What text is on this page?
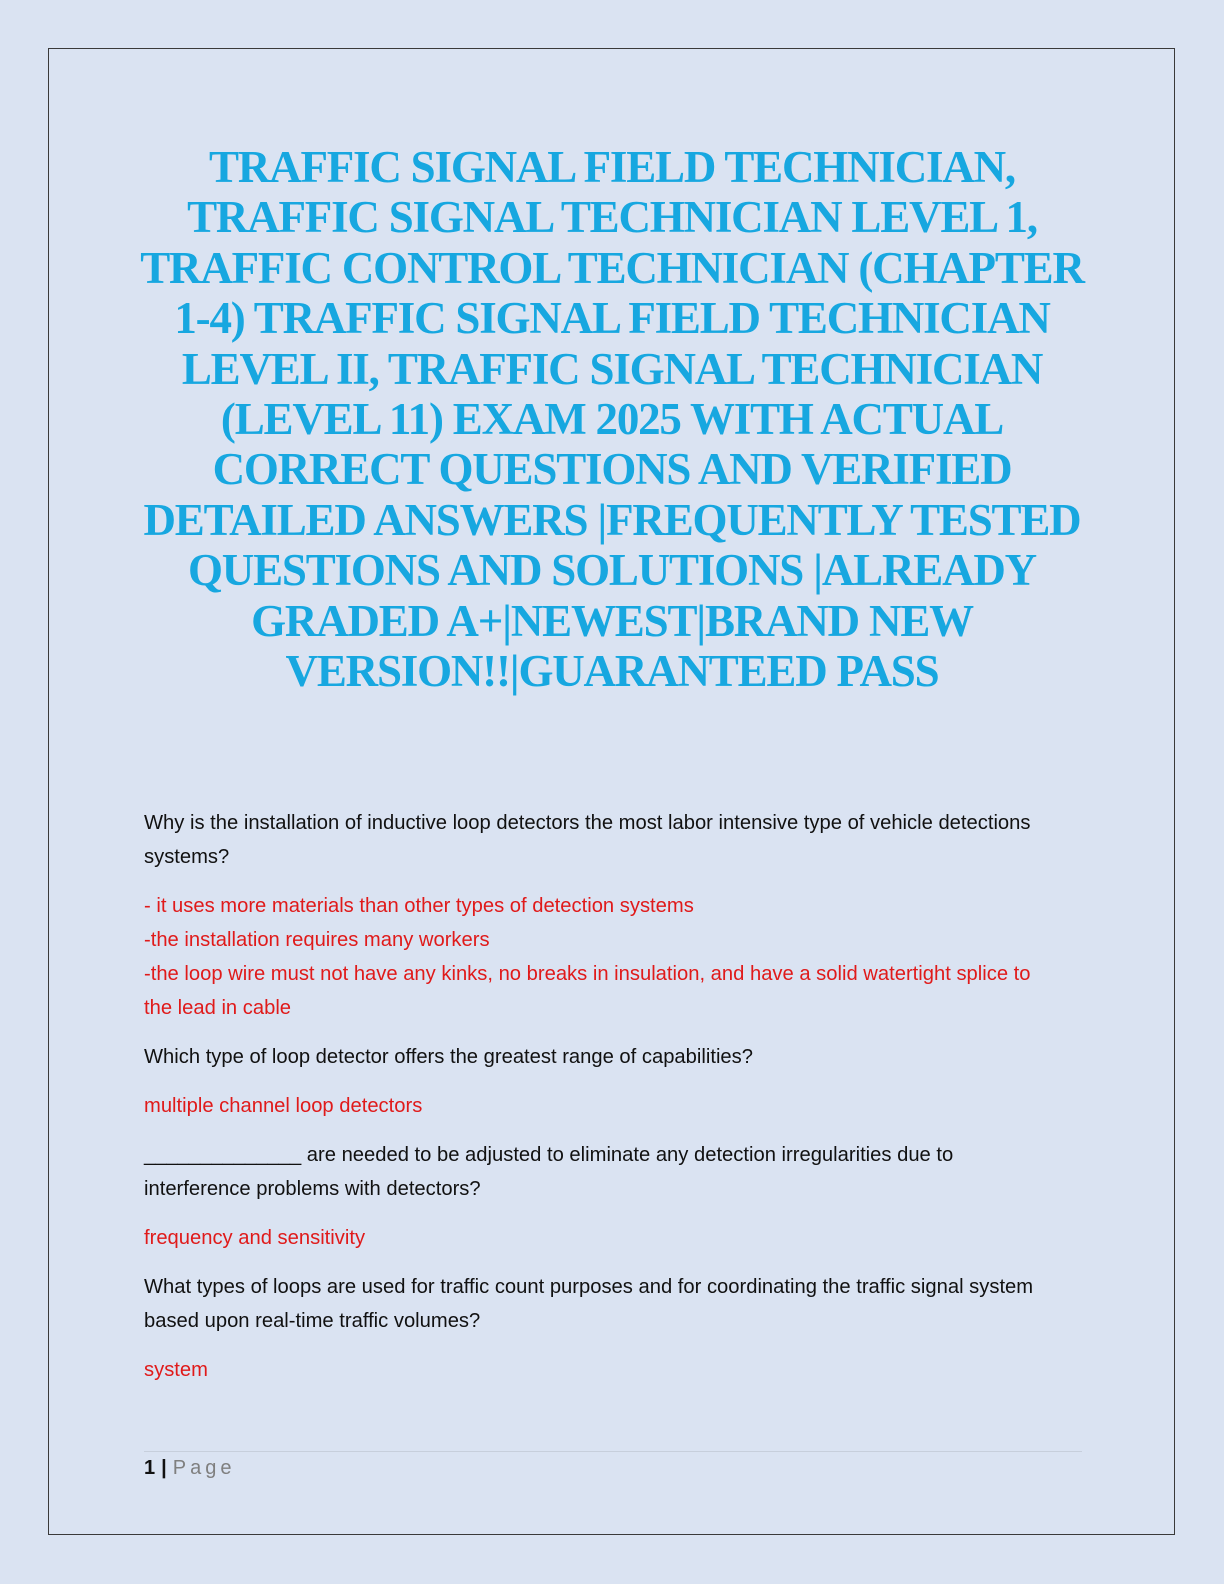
TRAFFIC SIGNAL FIELD TECHNICIAN, TRAFFIC SIGNAL TECHNICIAN LEVEL 1, TRAFFIC CONTROL TECHNICIAN (CHAPTER 1-4) TRAFFIC SIGNAL FIELD TECHNICIAN LEVEL II, TRAFFIC SIGNAL TECHNICIAN (LEVEL 11) EXAM 2025 WITH ACTUAL CORRECT QUESTIONS AND VERIFIED DETAILED ANSWERS |FREQUENTLY TESTED QUESTIONS AND SOLUTIONS |ALREADY GRADED A+|NEWEST|BRAND NEW VERSION!!|GUARANTEED PASS

Why is the installation of inductive loop detectors the most labor intensive type of vehicle detections systems?

- it uses more materials than other types of detection systems
-the installation requires many workers
-the loop wire must not have any kinks, no breaks in insulation, and have a solid watertight splice to the lead in cable

Which type of loop detector offers the greatest range of capabilities?

multiple channel loop detectors

______________ are needed to be adjusted to eliminate any detection irregularities due to interference problems with detectors?

frequency and sensitivity

What types of loops are used for traffic count purposes and for coordinating the traffic signal system based upon real-time traffic volumes?

system

1 | Page
